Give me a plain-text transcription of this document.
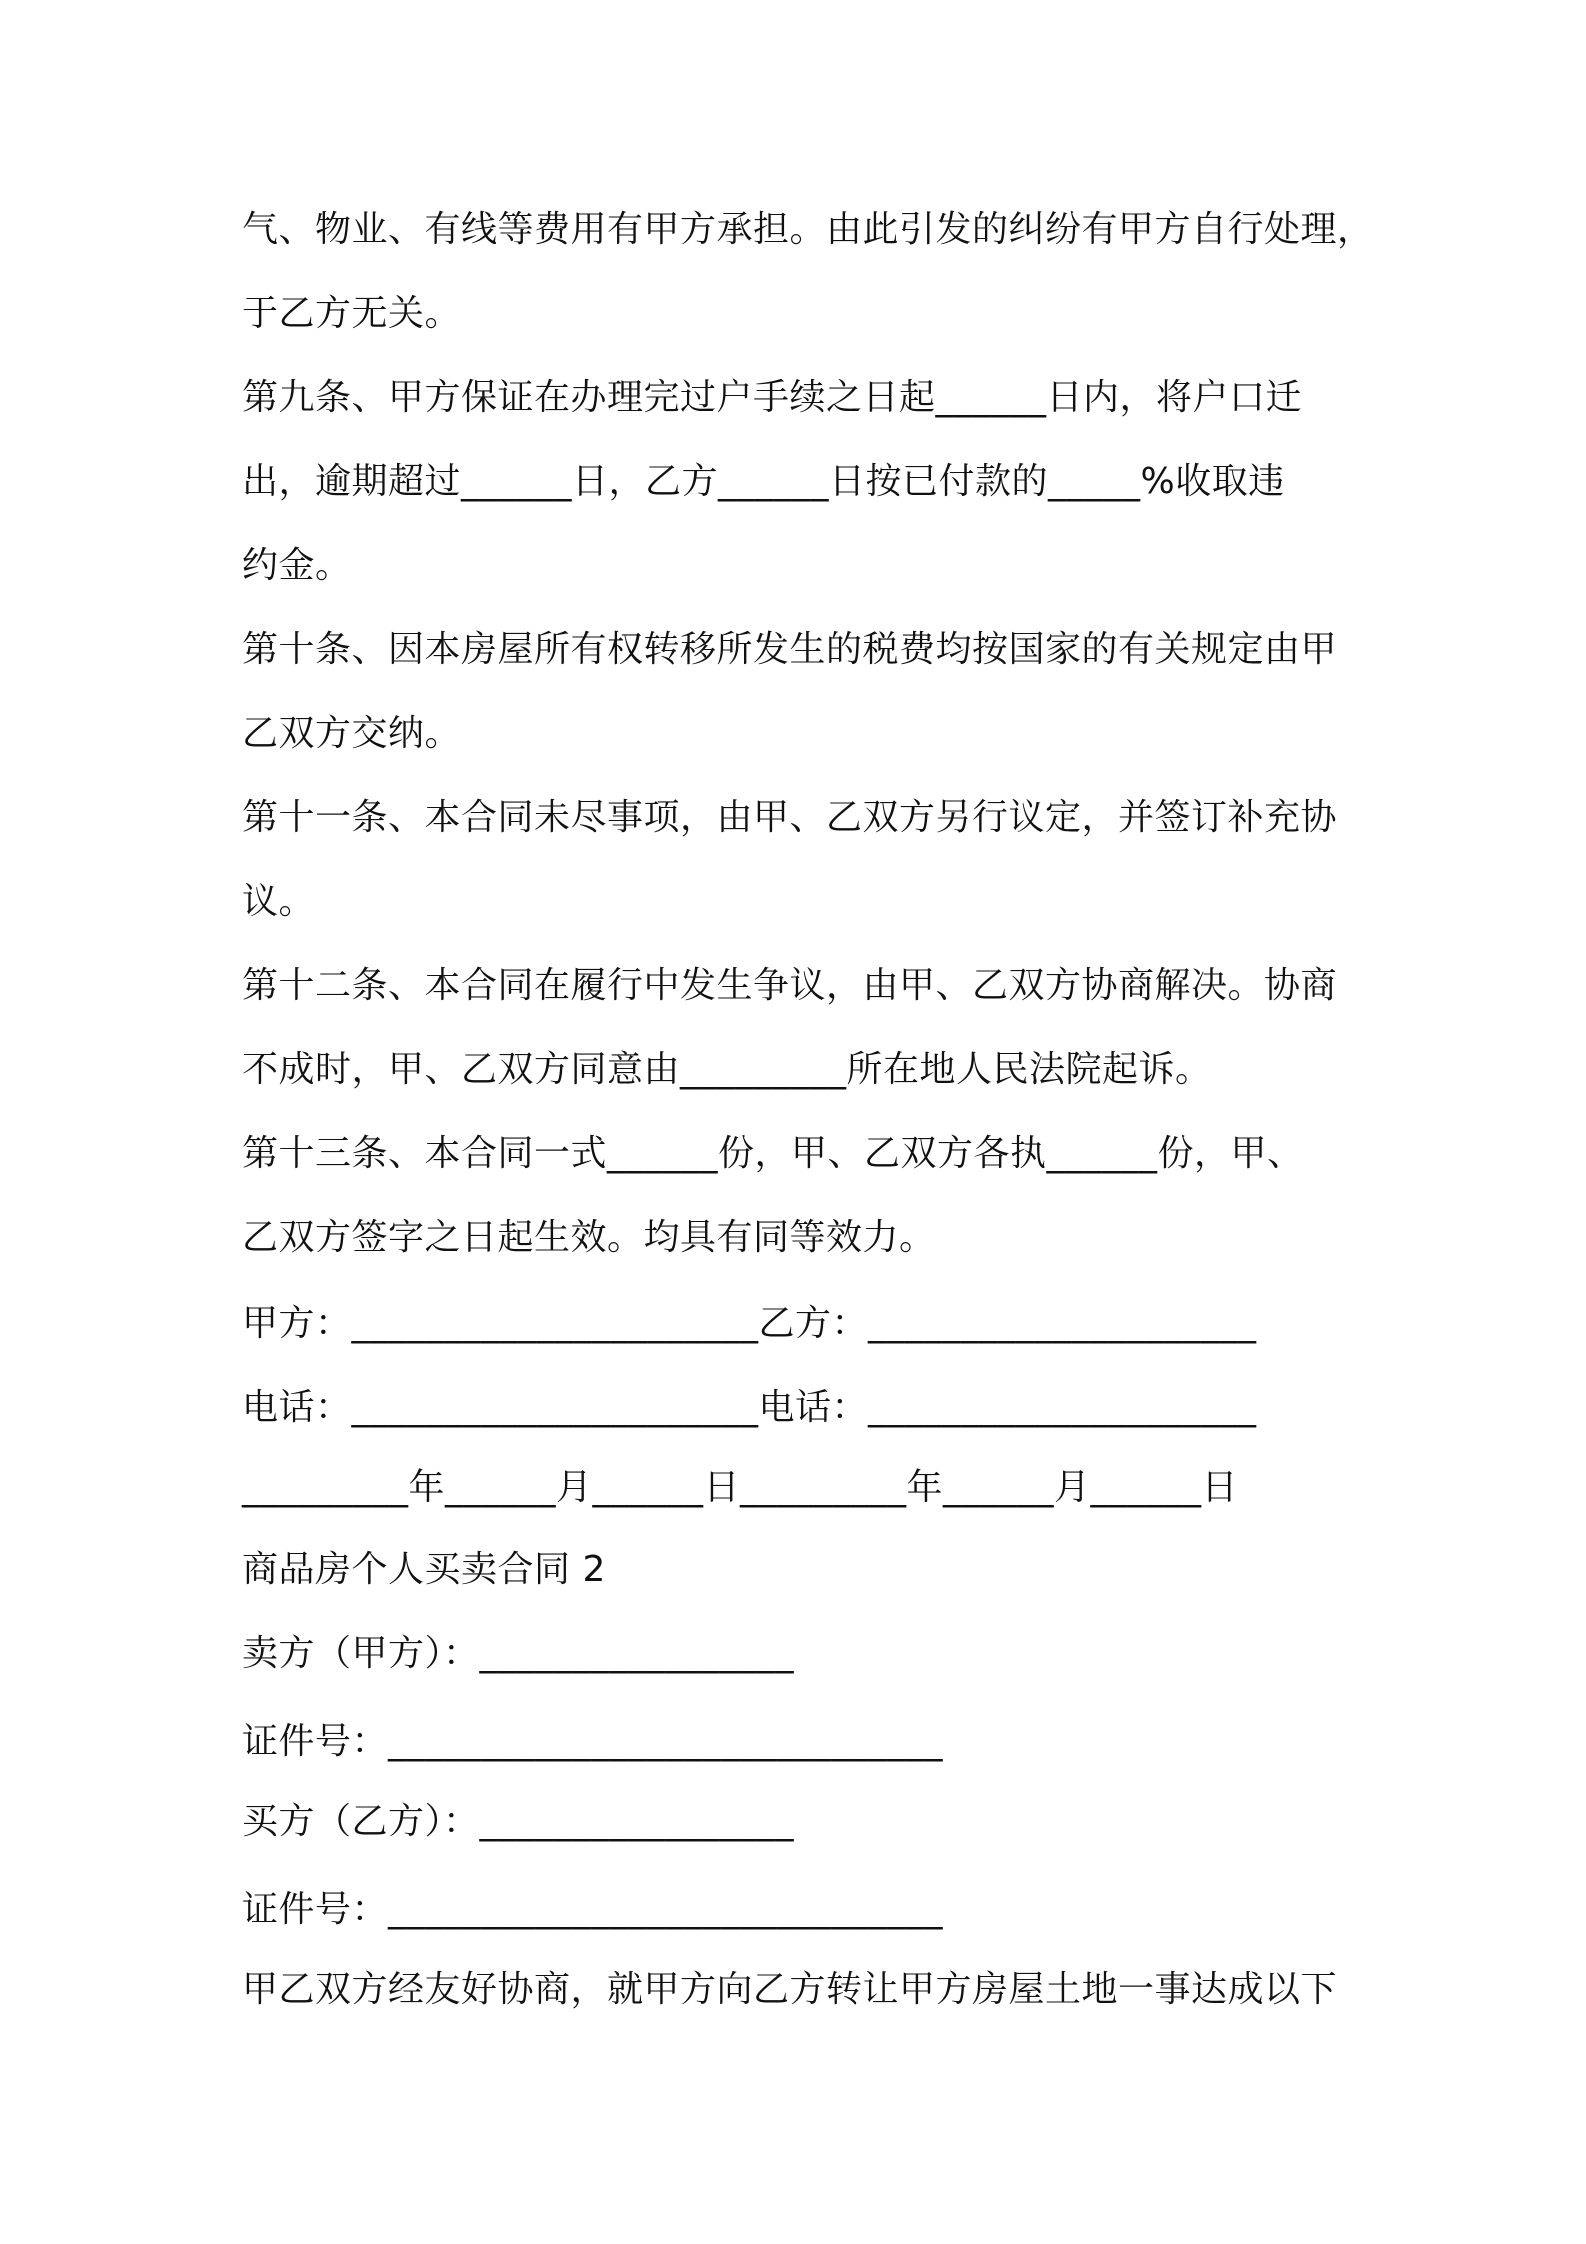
气、物业、有线等费用有甲方承担。由此引发的纠纷有甲方自行处理，
于乙方无关。
第九条、甲方保证在办理完过户手续之日起______日内，将户口迁
出，逾期超过______日，乙方______日按已付款的_____%收取违
约金。
第十条、因本房屋所有权转移所发生的税费均按国家的有关规定由甲
乙双方交纳。
第十一条、本合同未尽事项，由甲、乙双方另行议定，并签订补充协
议。
第十二条、本合同在履行中发生争议，由甲、乙双方协商解决。协商
不成时，甲、乙双方同意由_________所在地人民法院起诉。
第十三条、本合同一式______份，甲、乙双方各执______份，甲、
乙双方签字之日起生效。均具有同等效力。
甲方：______________________乙方：_____________________
电话：______________________电话：_____________________
_________年______月______日_________年______月______日
商品房个人买卖合同 2
卖方（甲方）：_________________
证件号：______________________________
买方（乙方）：_________________
证件号：______________________________
甲乙双方经友好协商，就甲方向乙方转让甲方房屋土地一事达成以下
